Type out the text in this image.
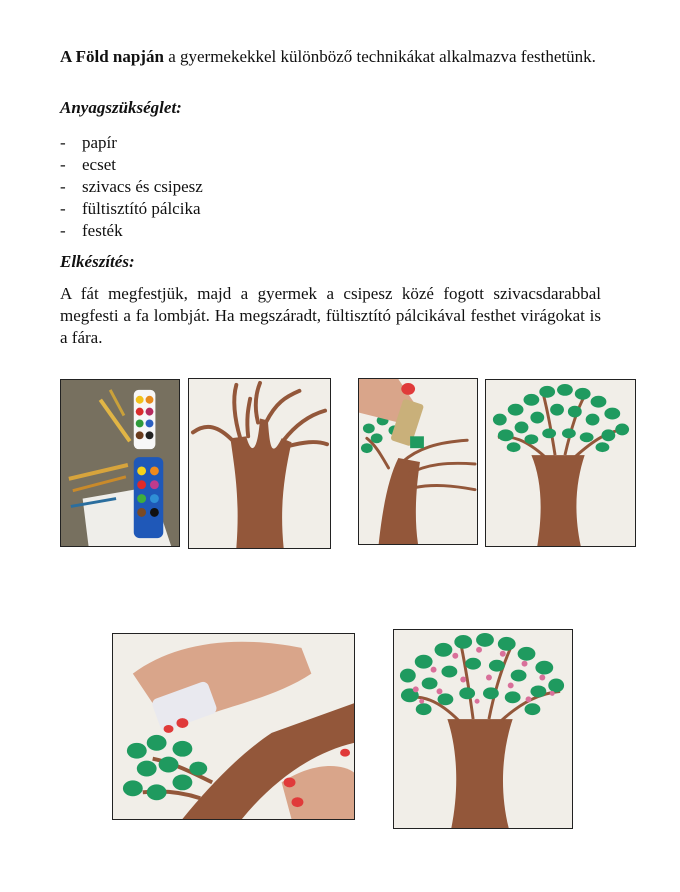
A Föld napján a gyermekekkel különböző technikákat alkalmazva festhetünk.

Anyagszükséglet:

- papír
- ecset
- szivacs és csipesz
- fültisztító pálcika
- festék

Elkészítés:

A fát megfestjük, majd a gyermek a csipesz közé fogott szivacsdarabbal megfesti a fa lombját. Ha megszáradt, fültisztító pálcikával festhet virágokat is a fára.
